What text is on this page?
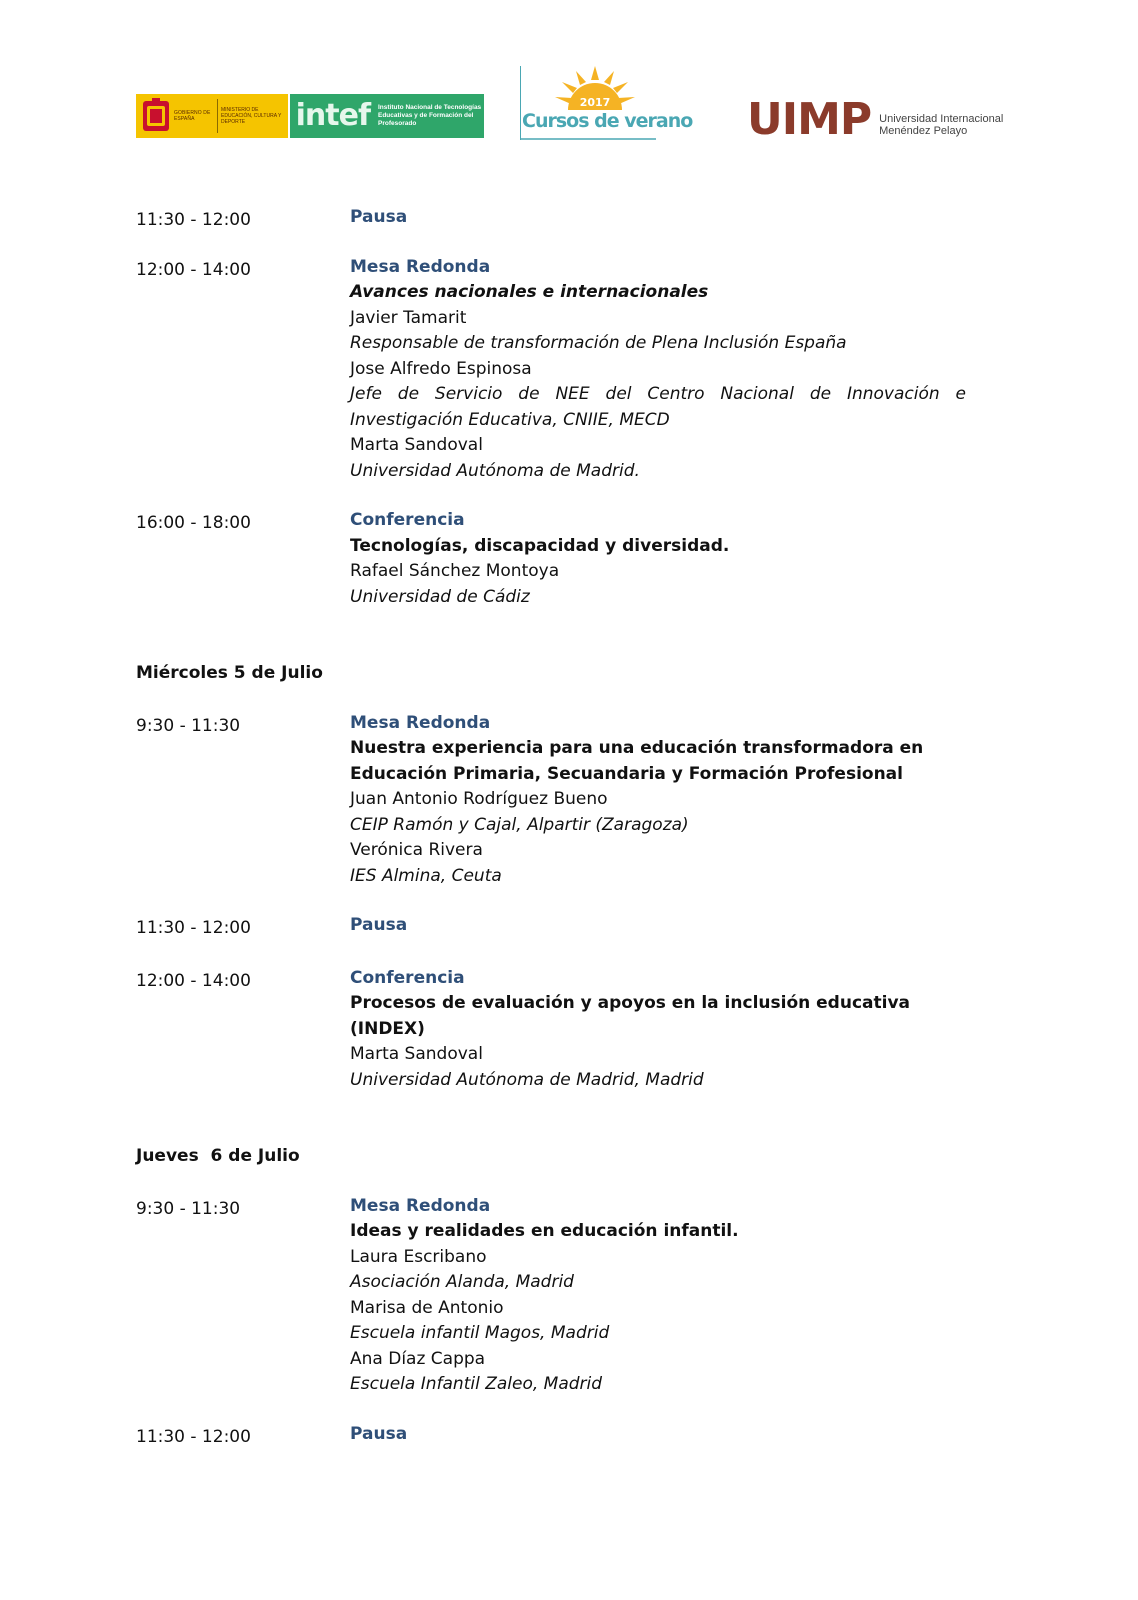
GOBIERNO DE ESPAÑA
MINISTERIO DE EDUCACIÓN, CULTURA Y DEPORTE	intef Instituto Nacional de Tecnologías Educativas y de Formación del Profesorado
2017
Cursos de verano UIMP Universidad Internacional
Menéndez Pelayo
11:30 - 12:00	Pausa
12:00 - 14:00	Mesa Redonda
Avances nacionales e internacionales
Javier Tamarit
Responsable de transformación de Plena Inclusión España
Jose Alfredo Espinosa
Jefe de Servicio de NEE del Centro Nacional de Innovación e Investigación Educativa, CNIIE, MECD
Marta Sandoval
Universidad Autónoma de Madrid.
16:00 - 18:00	Conferencia
Tecnologías, discapacidad y diversidad.
Rafael Sánchez Montoya
Universidad de Cádiz
Miércoles 5 de Julio
9:30 - 11:30	Mesa Redonda
Nuestra experiencia para una educación transformadora en Educación Primaria, Secuandaria y Formación Profesional
Juan Antonio Rodríguez Bueno
CEIP Ramón y Cajal, Alpartir (Zaragoza)
Verónica Rivera
IES Almina, Ceuta
11:30 - 12:00	Pausa
12:00 - 14:00	Conferencia
Procesos de evaluación y apoyos en la inclusión educativa (INDEX)
Marta Sandoval
Universidad Autónoma de Madrid, Madrid
Jueves  6 de Julio
9:30 - 11:30	Mesa Redonda
Ideas y realidades en educación infantil.
Laura Escribano
Asociación Alanda, Madrid
Marisa de Antonio
Escuela infantil Magos, Madrid
Ana Díaz Cappa
Escuela Infantil Zaleo, Madrid
11:30 - 12:00	Pausa
